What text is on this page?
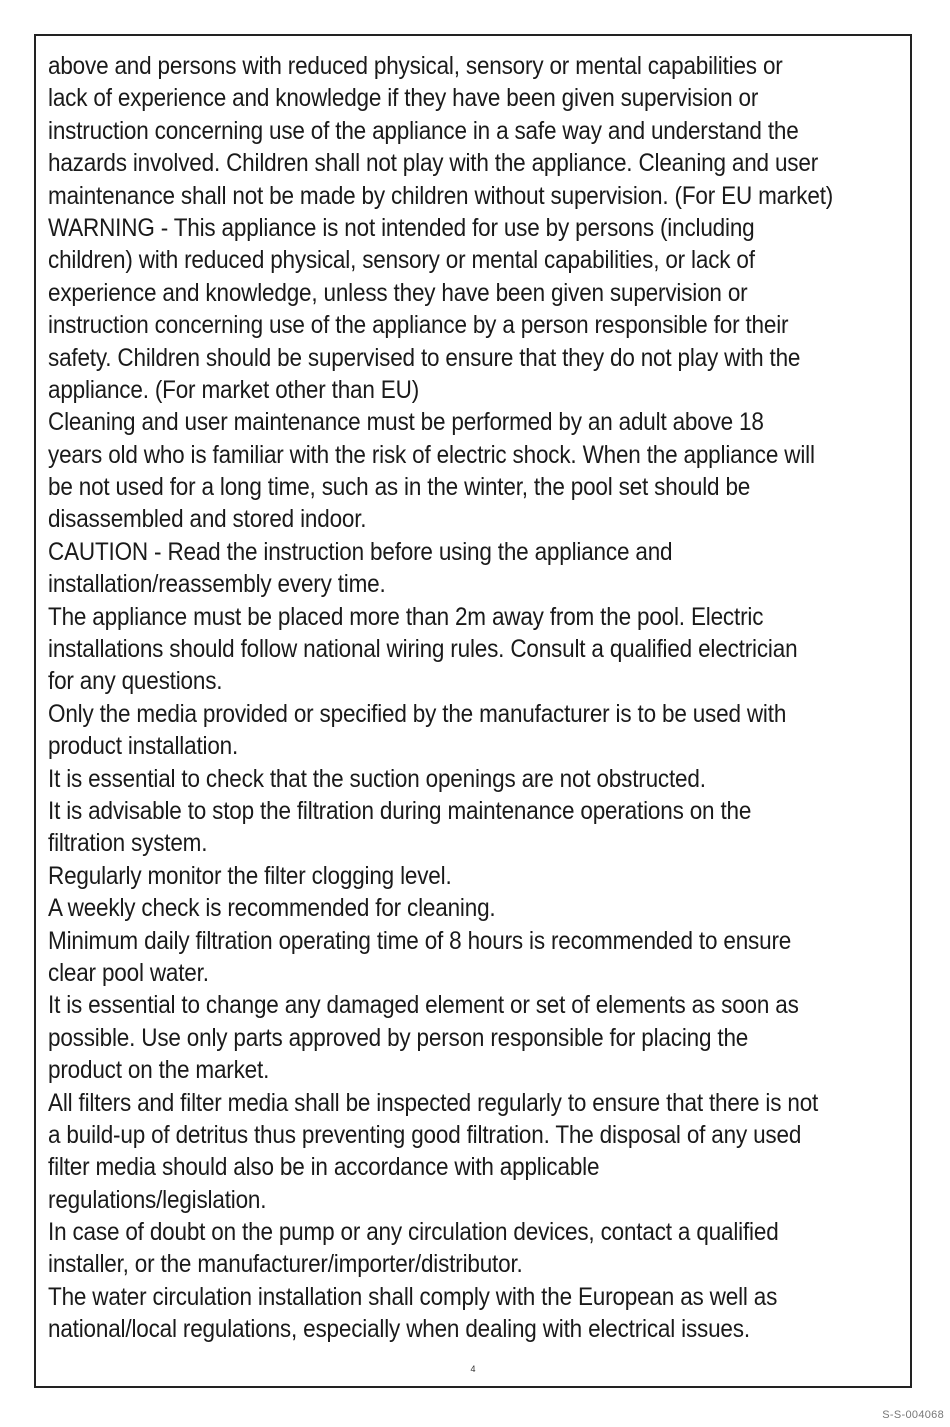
above and persons with reduced physical, sensory or mental capabilities or
lack of experience and knowledge if they have been given supervision or
instruction concerning use of the appliance in a safe way and understand the
hazards involved. Children shall not play with the appliance. Cleaning and user
maintenance shall not be made by children without supervision. (For EU market)
WARNING - This appliance is not intended for use by persons (including
children) with reduced physical, sensory or mental capabilities, or lack of
experience and knowledge, unless they have been given supervision or
instruction concerning use of the appliance by a person responsible for their
safety. Children should be supervised to ensure that they do not play with the
appliance. (For market other than EU)
Cleaning and user maintenance must be performed by an adult above 18
years old who is familiar with the risk of electric shock. When the appliance will
be not used for a long time, such as in the winter, the pool set should be
disassembled and stored indoor.
CAUTION - Read the instruction before using the appliance and
installation/reassembly every time.
The appliance must be placed more than 2m away from the pool. Electric
installations should follow national wiring rules. Consult a qualified electrician
for any questions.
Only the media provided or specified by the manufacturer is to be used with
product installation.
It is essential to check that the suction openings are not obstructed.
It is advisable to stop the filtration during maintenance operations on the
filtration system.
Regularly monitor the filter clogging level.
A weekly check is recommended for cleaning.
Minimum daily filtration operating time of 8 hours is recommended to ensure
clear pool water.
It is essential to change any damaged element or set of elements as soon as
possible. Use only parts approved by person responsible for placing the
product on the market.
All filters and filter media shall be inspected regularly to ensure that there is not
a build-up of detritus thus preventing good filtration. The disposal of any used
filter media should also be in accordance with applicable
regulations/legislation.
In case of doubt on the pump or any circulation devices, contact a qualified
installer, or the manufacturer/importer/distributor.
The water circulation installation shall comply with the European as well as
national/local regulations, especially when dealing with electrical issues.
4
S-S-004068
